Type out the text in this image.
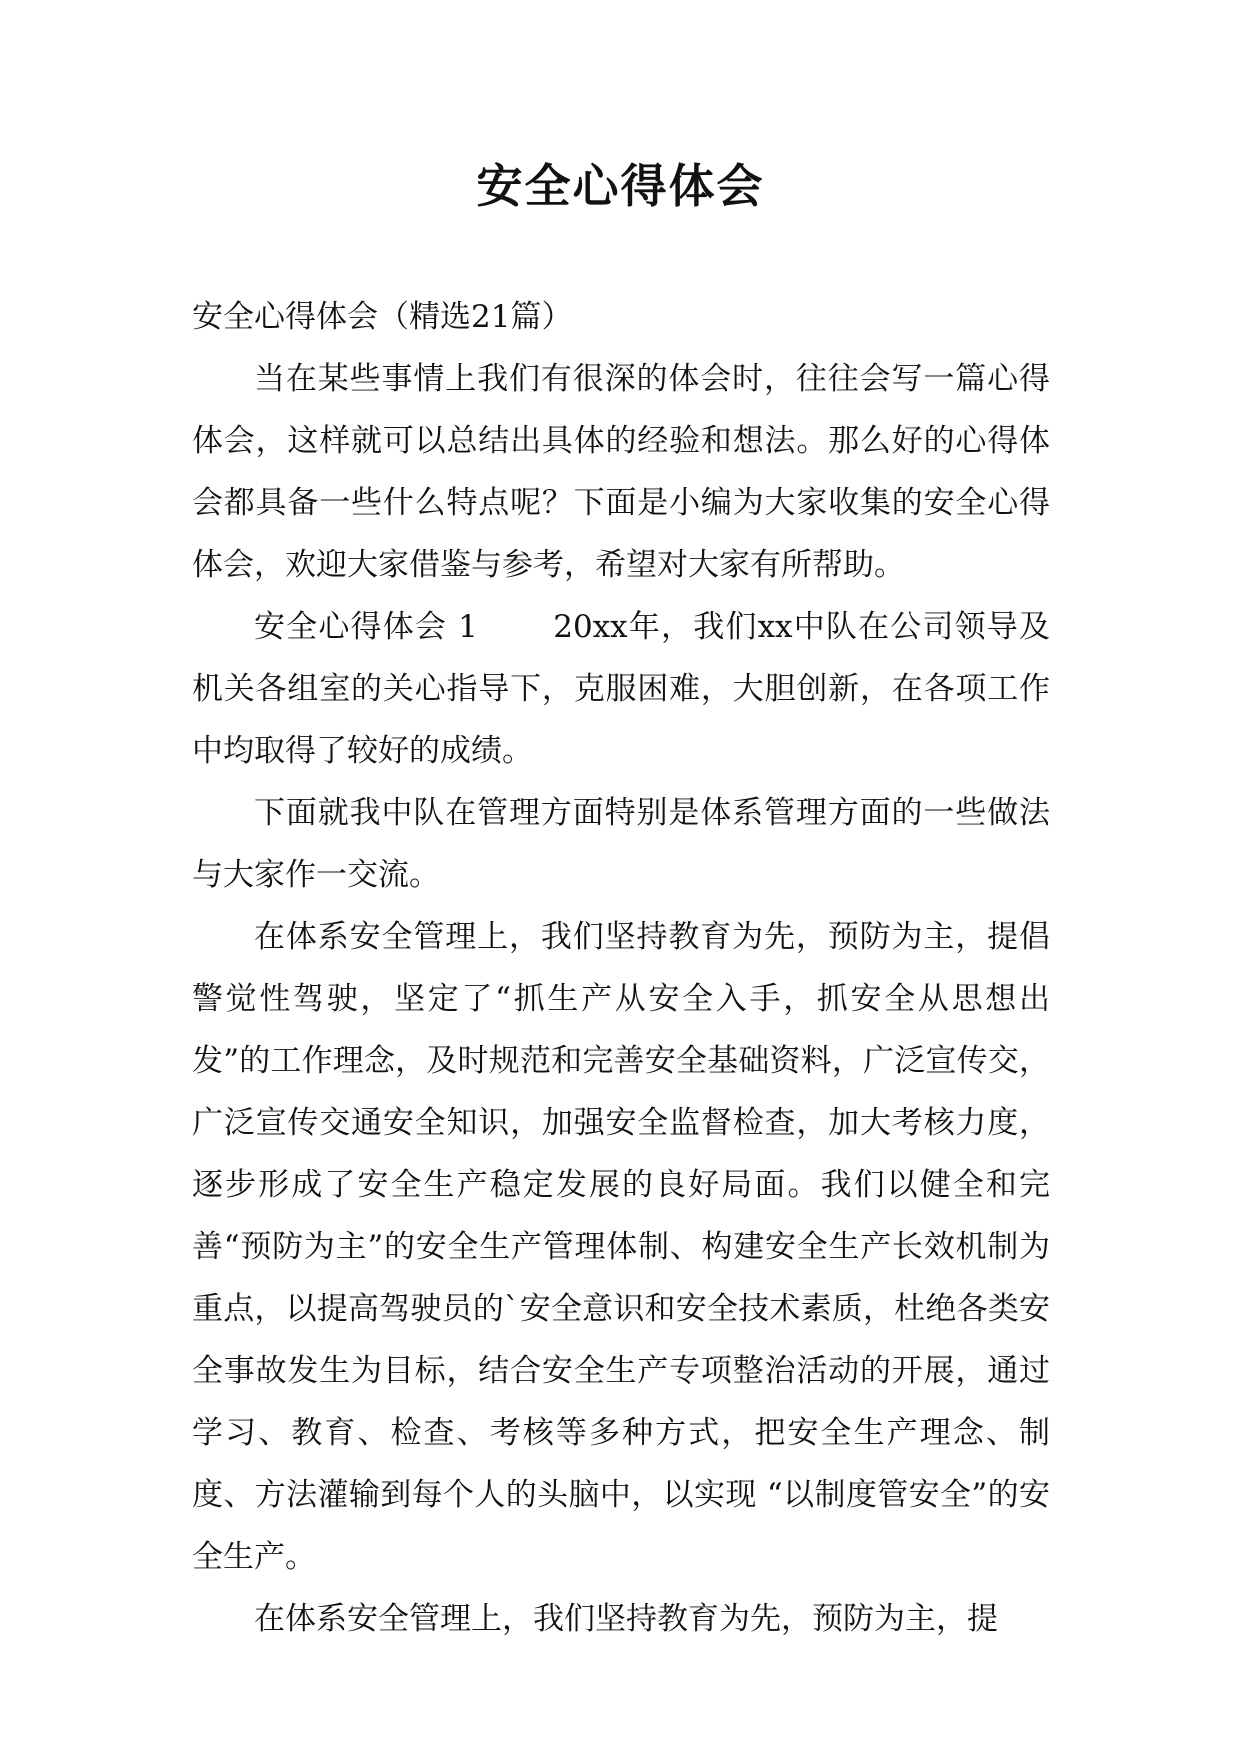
安全心得体会

安全心得体会（精选21篇）

当在某些事情上我们有很深的体会时，往往会写一篇心得体会，这样就可以总结出具体的经验和想法。那么好的心得体会都具备一些什么特点呢？下面是小编为大家收集的安全心得体会，欢迎大家借鉴与参考，希望对大家有所帮助。

安全心得体会 1 　　20xx年，我们xx中队在公司领导及机关各组室的关心指导下，克服困难，大胆创新，在各项工作中均取得了较好的成绩。

下面就我中队在管理方面特别是体系管理方面的一些做法与大家作一交流。

在体系安全管理上，我们坚持教育为先，预防为主，提倡警觉性驾驶，坚定了“抓生产从安全入手，抓安全从思想出发”的工作理念，及时规范和完善安全基础资料，广泛宣传交，广泛宣传交通安全知识，加强安全监督检查，加大考核力度，逐步形成了安全生产稳定发展的良好局面。我们以健全和完善“预防为主”的安全生产管理体制、构建安全生产长效机制为重点，以提高驾驶员的`安全意识和安全技术素质，杜绝各类安全事故发生为目标，结合安全生产专项整治活动的开展，通过学习、教育、检查、考核等多种方式，把安全生产理念、制度、方法灌输到每个人的头脑中，以实现 “以制度管安全”的安全生产。

在体系安全管理上，我们坚持教育为先，预防为主，提
